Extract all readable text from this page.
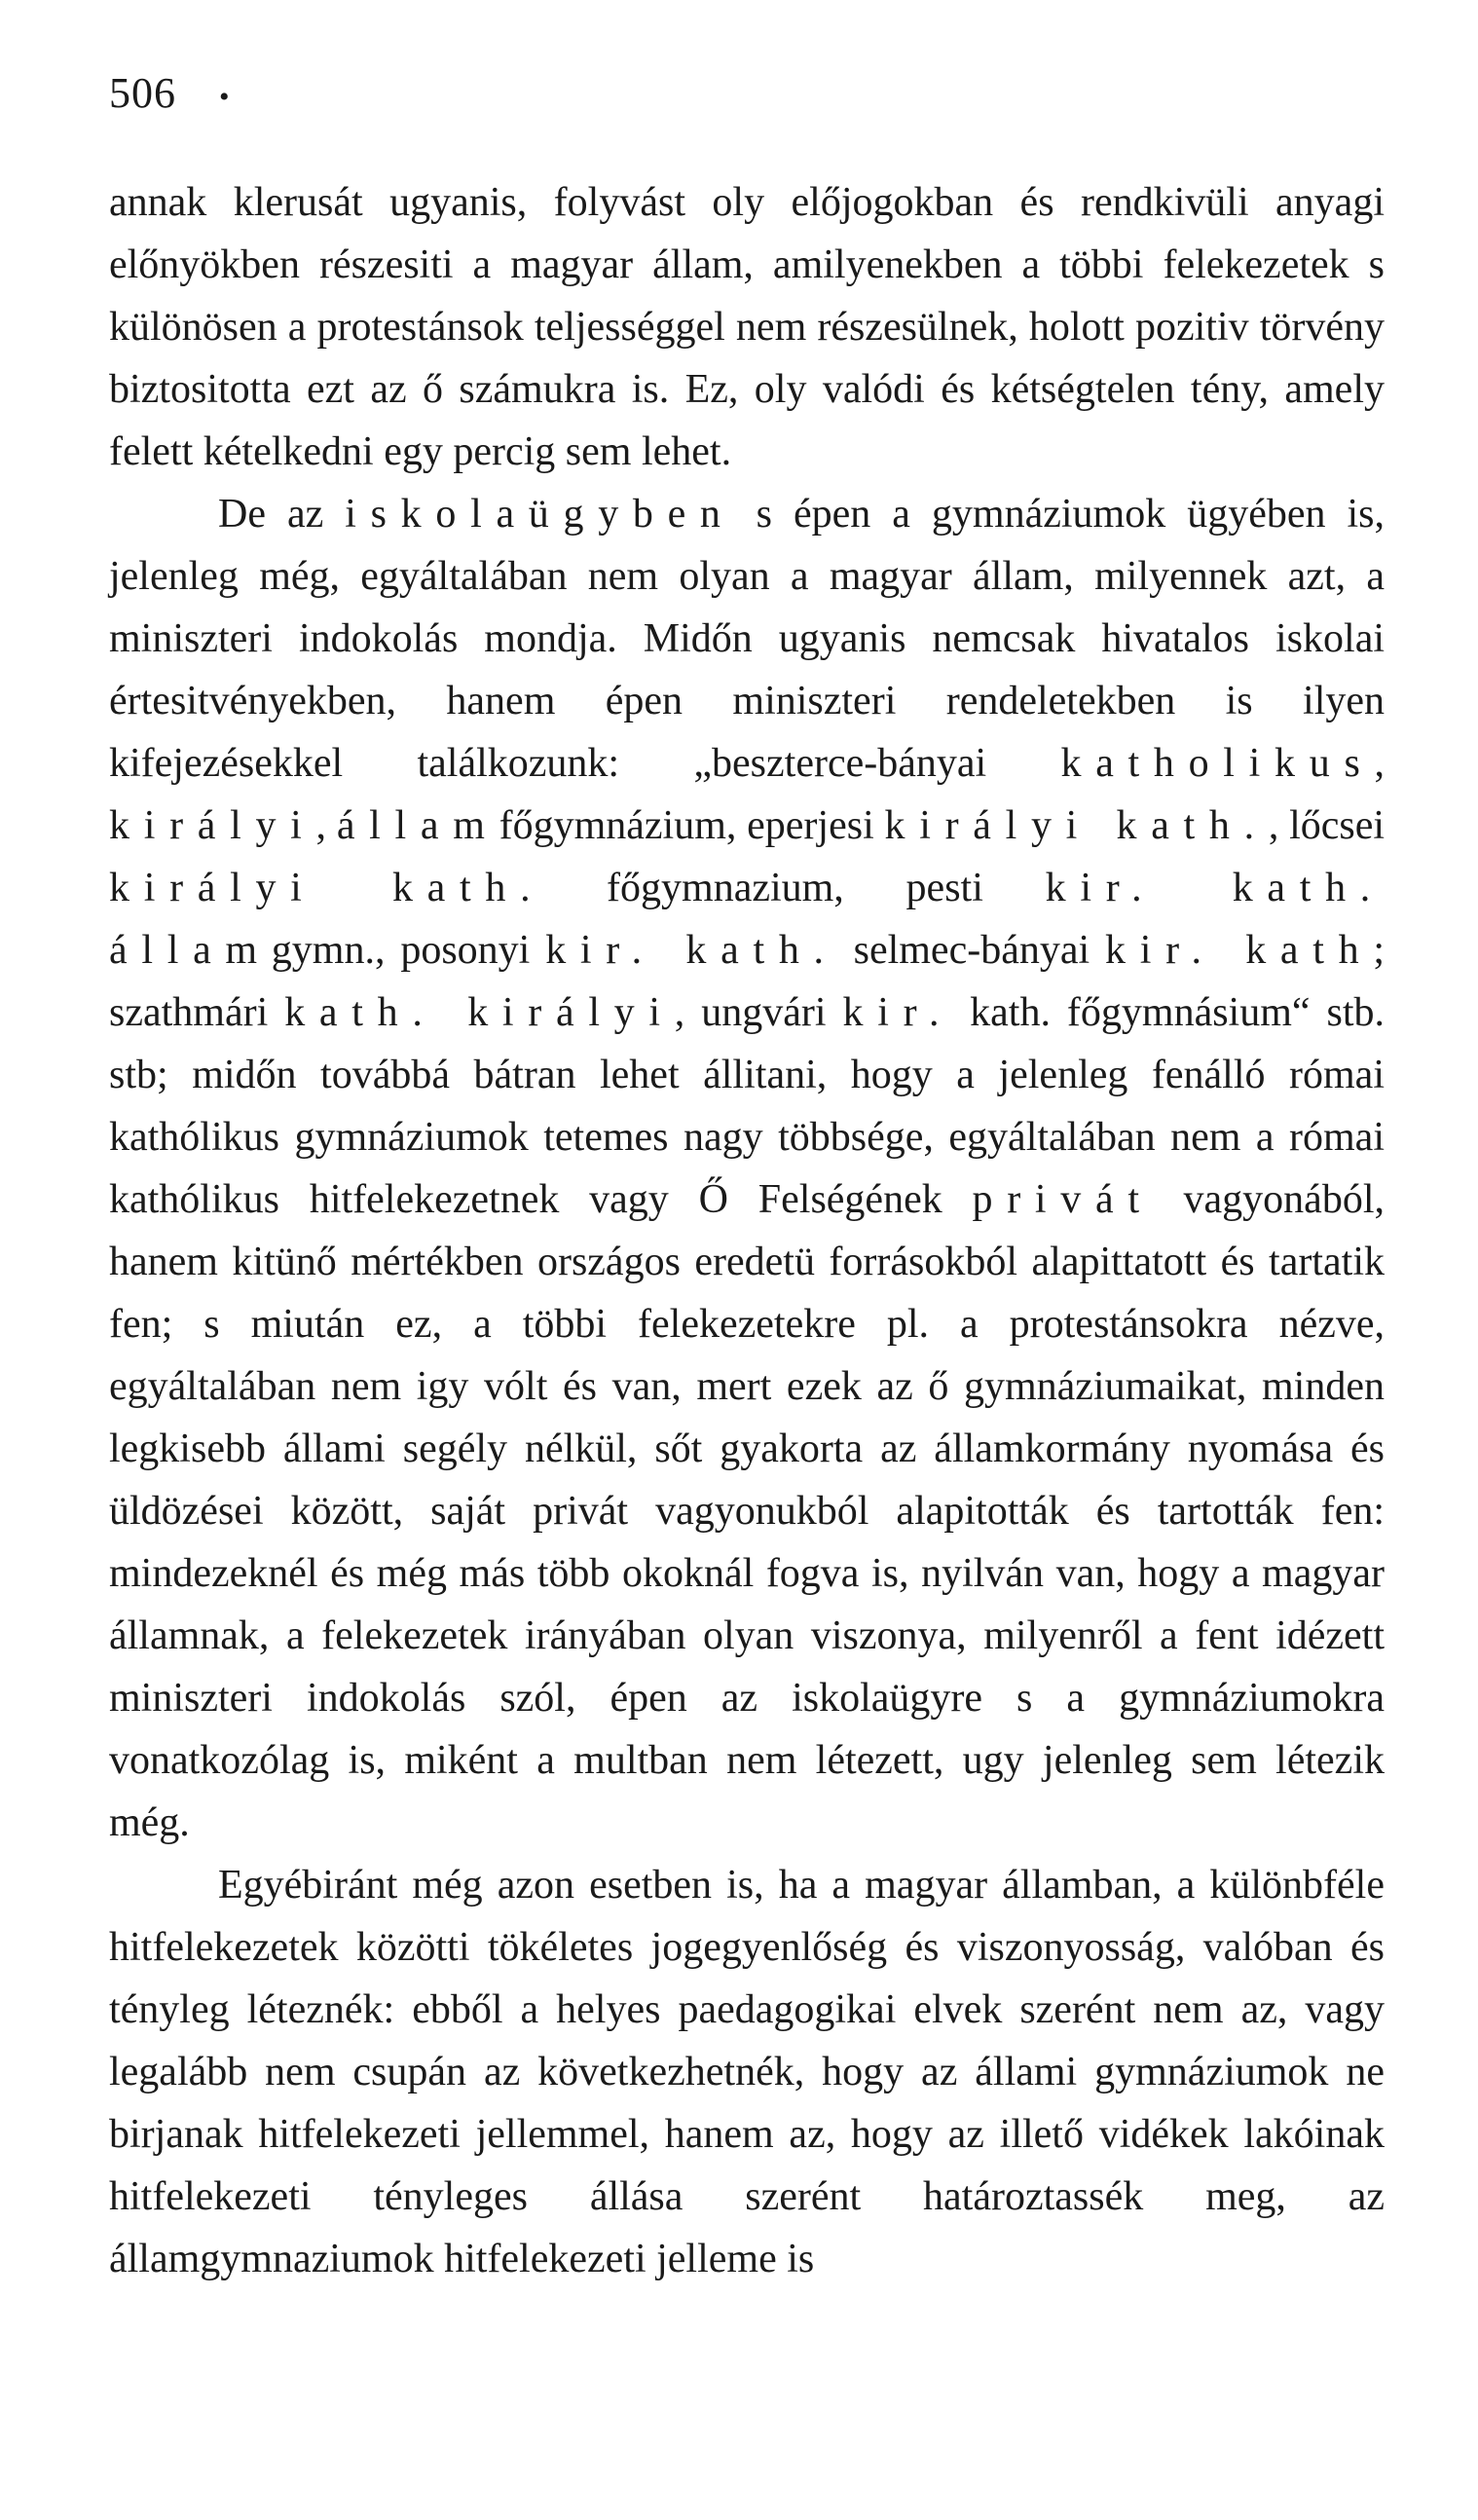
506 •

annak klerusát ugyanis, folyvást oly előjogokban és rendkivüli anyagi előnyökben részesiti a magyar állam, amilyenekben a többi felekezetek s különösen a protestánsok teljességgel nem részesülnek, holott pozitiv törvény biztositotta ezt az ő számukra is. Ez, oly valódi és kétségtelen tény, amely felett kételkedni egy percig sem lehet.

De az iskolaügyben s épen a gymnáziumok ügyében is, jelenleg még, egyáltalában nem olyan a magyar állam, milyennek azt, a miniszteri indokolás mondja. Midőn ugyanis nemcsak hivatalos iskolai értesitvényekben, hanem épen miniszteri rendeletekben is ilyen kifejezésekkel találkozunk: „beszterce-bányai katholikus, királyi, államfőgymnázium, eperjesi királyi kath., lőcsei királyi kath. főgymnazium, pesti kir. kath. államgymn., posonyi kir. kath. selmec-bányai kir. kath; szathmári kath. királyi, ungvári kir. kath. főgymnásium“ stb. stb; midőn továbbá bátran lehet állitani, hogy a jelenleg fenálló római kathólikus gymnáziumok tetemes nagy többsége, egyáltalában nem a római kathólikus hitfelekezetnek vagy Ő Felségének privát vagyonából, hanem kitünő mértékben országos eredetü forrásokból alapittatott és tartatik fen; s miután ez, a többi felekezetekre pl. a protestánsokra nézve, egyáltalában nem igy vólt és van, mert ezek az ő gymnáziumaikat, minden legkisebb állami segély nélkül, sőt gyakorta az államkormány nyomása és üldözései között, saját privát vagyonukból alapitották és tartották fen: mindezeknél és még más több okoknál fogva is, nyilván van, hogy a magyar államnak, a felekezetek irányában olyan viszonya, milyenről a fent idézett miniszteri indokolás szól, épen az iskolaügyre s a gymnáziumokra vonatkozólag is, miként a multban nem létezett, ugy jelenleg sem létezik még.

Egyébiránt még azon esetben is, ha a magyar államban, a különbféle hitfelekezetek közötti tökéletes jogegyenlőség és viszonyosság, valóban és tényleg léteznék: ebből a helyes paedagogikai elvek szerént nem az, vagy legalább nem csupán az következhetnék, hogy az állami gymnáziumok ne birjanak hitfelekezeti jellemmel, hanem az, hogy az illető vidékek lakóinak hitfelekezeti tényleges állása szerént határoztassék meg, az államgymnaziumok hitfelekezeti jelleme is
